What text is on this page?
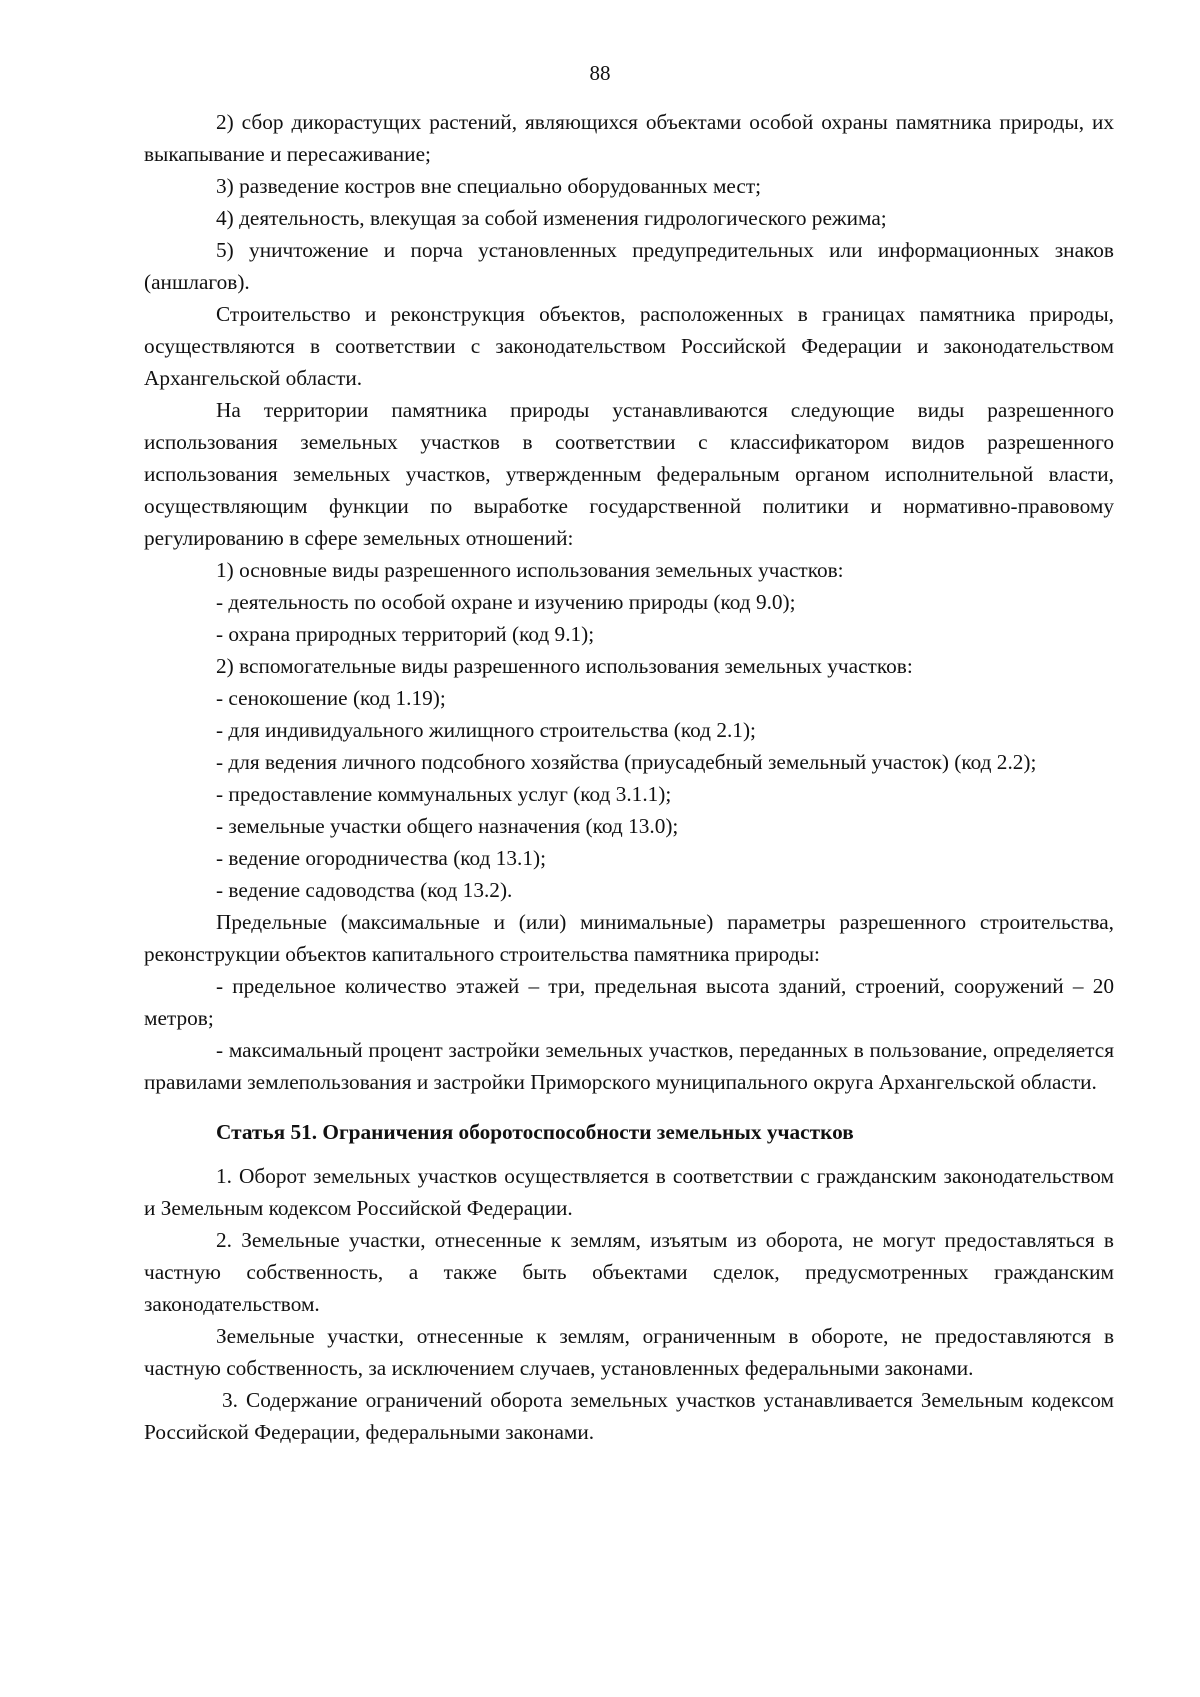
88

2) сбор дикорастущих растений, являющихся объектами особой охраны памятника природы, их выкапывание и пересаживание;

3) разведение костров вне специально оборудованных мест;

4) деятельность, влекущая за собой изменения гидрологического режима;

5) уничтожение и порча установленных предупредительных или информационных знаков (аншлагов).

Строительство и реконструкция объектов, расположенных в границах памятника природы, осуществляются в соответствии с законодательством Российской Федерации и законодательством Архангельской области.

На территории памятника природы устанавливаются следующие виды разрешенного использования земельных участков в соответствии с классификатором видов разрешенного использования земельных участков, утвержденным федеральным органом исполнительной власти, осуществляющим функции по выработке государственной политики и нормативно-правовому регулированию в сфере земельных отношений:

1) основные виды разрешенного использования земельных участков:

- деятельность по особой охране и изучению природы (код 9.0);

- охрана природных территорий (код 9.1);

2) вспомогательные виды разрешенного использования земельных участков:

- сенокошение (код 1.19);

- для индивидуального жилищного строительства (код 2.1);

- для ведения личного подсобного хозяйства (приусадебный земельный участок) (код 2.2);

- предоставление коммунальных услуг (код 3.1.1);

- земельные участки общего назначения (код 13.0);

- ведение огородничества (код 13.1);

- ведение садоводства (код 13.2).

Предельные (максимальные и (или) минимальные) параметры разрешенного строительства, реконструкции объектов капитального строительства памятника природы:

- предельное количество этажей – три, предельная высота зданий, строений, сооружений – 20 метров;

- максимальный процент застройки земельных участков, переданных в пользование, определяется правилами землепользования и застройки Приморского муниципального округа Архангельской области.

Статья 51. Ограничения оборотоспособности земельных участков

1. Оборот земельных участков осуществляется в соответствии с гражданским законодательством и Земельным кодексом Российской Федерации.

2. Земельные участки, отнесенные к землям, изъятым из оборота, не могут предоставляться в частную собственность, а также быть объектами сделок, предусмотренных гражданским законодательством.

Земельные участки, отнесенные к землям, ограниченным в обороте, не предоставляются в частную собственность, за исключением случаев, установленных федеральными законами.

3. Содержание ограничений оборота земельных участков устанавливается Земельным кодексом Российской Федерации, федеральными законами.
